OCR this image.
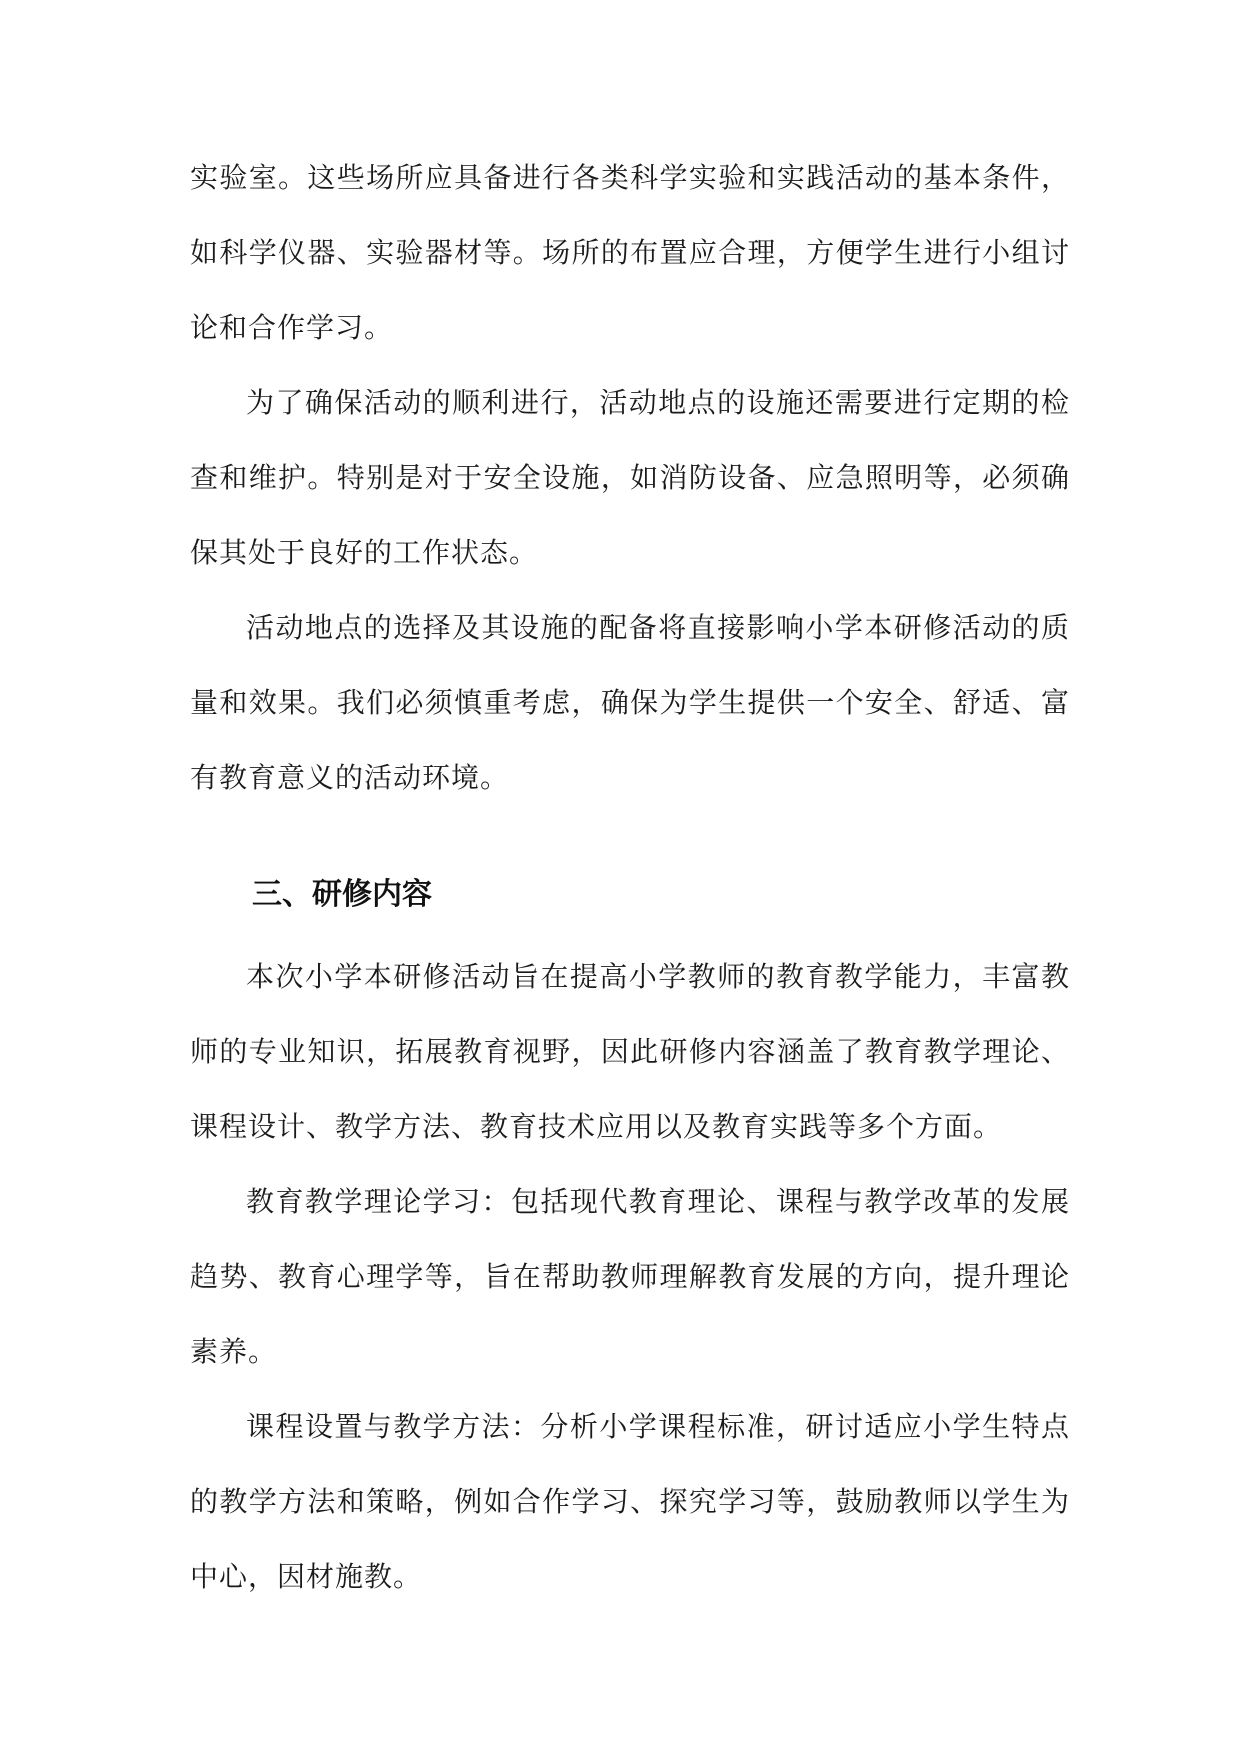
实验室。这些场所应具备进行各类科学实验和实践活动的基本条件，如科学仪器、实验器材等。场所的布置应合理，方便学生进行小组讨论和合作学习。

为了确保活动的顺利进行，活动地点的设施还需要进行定期的检查和维护。特别是对于安全设施，如消防设备、应急照明等，必须确保其处于良好的工作状态。

活动地点的选择及其设施的配备将直接影响小学本研修活动的质量和效果。我们必须慎重考虑，确保为学生提供一个安全、舒适、富有教育意义的活动环境。

三、研修内容

本次小学本研修活动旨在提高小学教师的教育教学能力，丰富教师的专业知识，拓展教育视野，因此研修内容涵盖了教育教学理论、课程设计、教学方法、教育技术应用以及教育实践等多个方面。

教育教学理论学习：包括现代教育理论、课程与教学改革的发展趋势、教育心理学等，旨在帮助教师理解教育发展的方向，提升理论素养。

课程设置与教学方法：分析小学课程标准，研讨适应小学生特点的教学方法和策略，例如合作学习、探究学习等，鼓励教师以学生为中心，因材施教。
